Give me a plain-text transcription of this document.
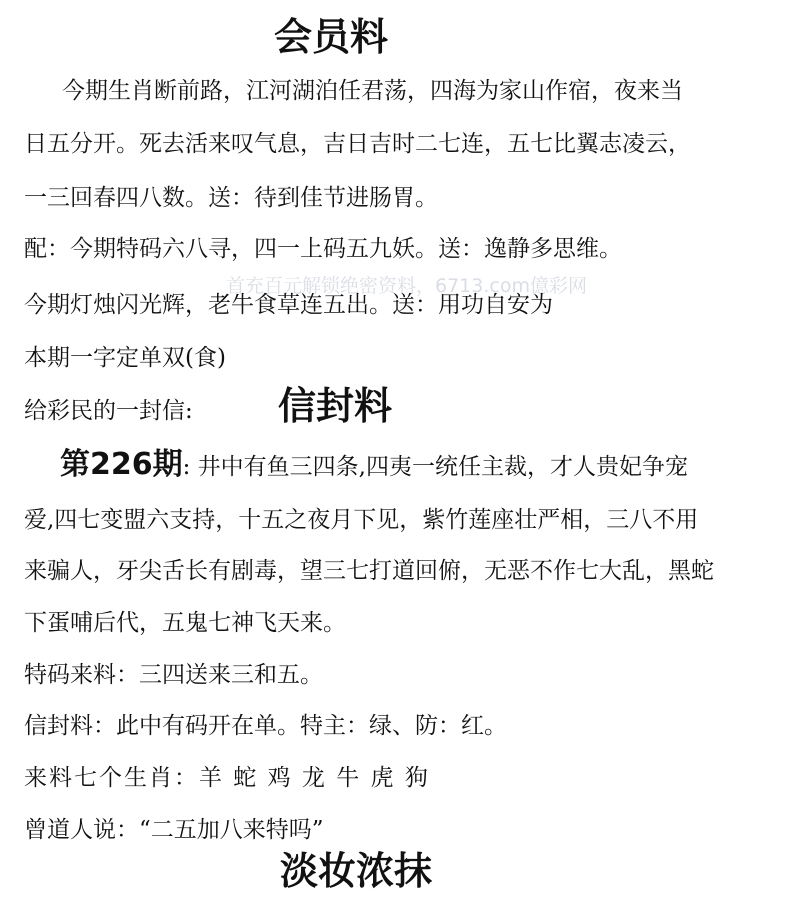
会员料
今期生肖断前路，江河湖泊任君荡，四海为家山作宿，夜来当
日五分开。死去活来叹气息，吉日吉时二七连，五七比翼志凌云，
一三回春四八数。送：待到佳节进肠胃。
配：今期特码六八寻，四一上码五九妖。送：逸静多思维。
首充百元解锁绝密资料，6713.com億彩网
今期灯烛闪光辉，老牛食草连五出。送：用功自安为
本期一字定单双(食)
给彩民的一封信: 信封料
第226期: 井中有鱼三四条,四夷一统任主裁，才人贵妃争宠
爱,四七变盟六支持，十五之夜月下见，紫竹莲座壮严相，三八不用
来骗人，牙尖舌长有剧毒，望三七打道回俯，无恶不作七大乱，黑蛇
下蛋哺后代，五鬼七神飞天来。
特码来料：三四送来三和五。
信封料：此中有码开在单。特主：绿、防：红。
来料七个生肖：羊 蛇 鸡 龙 牛 虎 狗
曾道人说：“二五加八来特吗”
淡妆浓抹
